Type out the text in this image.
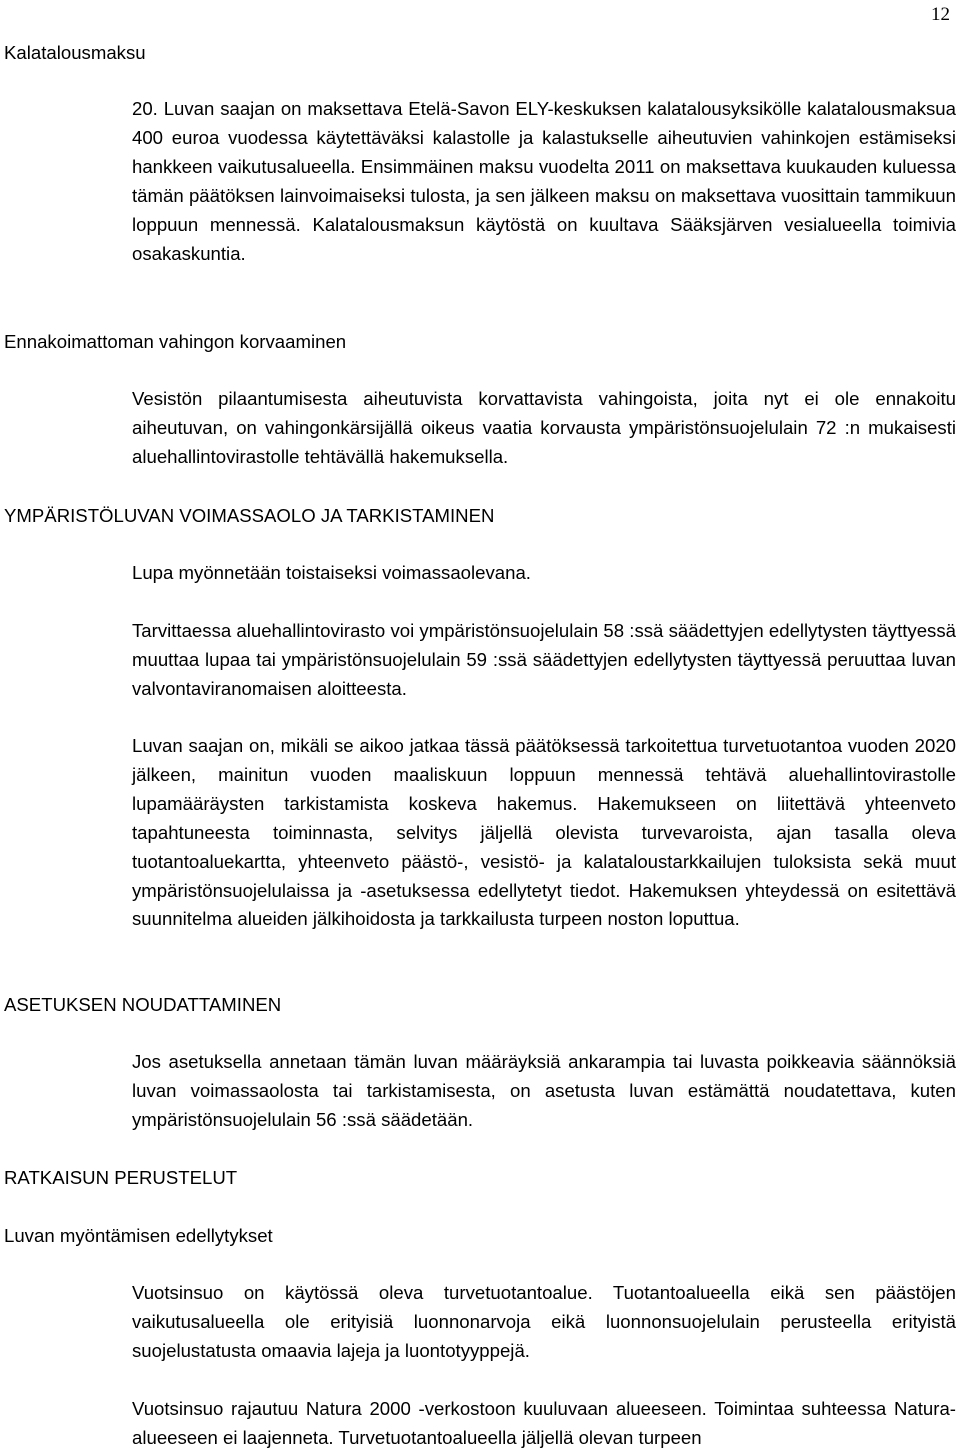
12
Kalatalousmaksu

20. Luvan saajan on maksettava Etelä-Savon ELY-keskuksen kalatalousyksikölle kalatalousmaksua 400 euroa vuodessa käytettäväksi kalastolle ja kalastukselle aiheutuvien vahinkojen estämiseksi hankkeen vaikutusalueella. Ensimmäinen maksu vuodelta 2011 on maksettava kuukauden kuluessa tämän päätöksen lainvoimaiseksi tulosta, ja sen jälkeen maksu on maksettava vuosittain tammikuun loppuun mennessä. Kalatalousmaksun käytöstä on kuultava Sääksjärven vesialueella toimivia osakaskuntia.

Ennakoimattoman vahingon korvaaminen

Vesistön pilaantumisesta aiheutuvista korvattavista vahingoista, joita nyt ei ole ennakoitu aiheutuvan, on vahingonkärsijällä oikeus vaatia korvausta ympäristönsuojelulain 72 :n mukaisesti aluehallintovirastolle tehtävällä hakemuksella.

YMPÄRISTÖLUVAN VOIMASSAOLO JA TARKISTAMINEN

Lupa myönnetään toistaiseksi voimassaolevana.

Tarvittaessa aluehallintovirasto voi ympäristönsuojelulain 58 :ssä säädettyjen edellytysten täyttyessä muuttaa lupaa tai ympäristönsuojelulain 59 :ssä säädettyjen edellytysten täyttyessä peruuttaa luvan valvontaviranomaisen aloitteesta.

Luvan saajan on, mikäli se aikoo jatkaa tässä päätöksessä tarkoitettua turvetuotantoa vuoden 2020 jälkeen, mainitun vuoden maaliskuun loppuun mennessä tehtävä aluehallintovirastolle lupamääräysten tarkistamista koskeva hakemus. Hakemukseen on liitettävä yhteenveto tapahtuneesta toiminnasta, selvitys jäljellä olevista turvevaroista, ajan tasalla oleva tuotantoaluekartta, yhteenveto päästö-, vesistö- ja kalataloustarkkailujen tuloksista sekä muut ympäristönsuojelulaissa ja -asetuksessa edellytetyt tiedot. Hakemuksen yhteydessä on esitettävä suunnitelma alueiden jälkihoidosta ja tarkkailusta turpeen noston loputtua.

ASETUKSEN NOUDATTAMINEN

Jos asetuksella annetaan tämän luvan määräyksiä ankarampia tai luvasta poikkeavia säännöksiä luvan voimassaolosta tai tarkistamisesta, on asetusta luvan estämättä noudatettava, kuten ympäristönsuojelulain 56 :ssä säädetään.

RATKAISUN PERUSTELUT
Luvan myöntämisen edellytykset

Vuotsinsuo on käytössä oleva turvetuotantoalue. Tuotantoalueella eikä sen päästöjen vaikutusalueella ole erityisiä luonnonarvoja eikä luonnonsuojelulain perusteella erityistä suojelustatusta omaavia lajeja ja luontotyyppejä.

Vuotsinsuo rajautuu Natura 2000 -verkostoon kuuluvaan alueeseen. Toimintaa suhteessa Natura-alueeseen ei laajenneta. Turvetuotantoalueella jäljellä olevan turpeen
